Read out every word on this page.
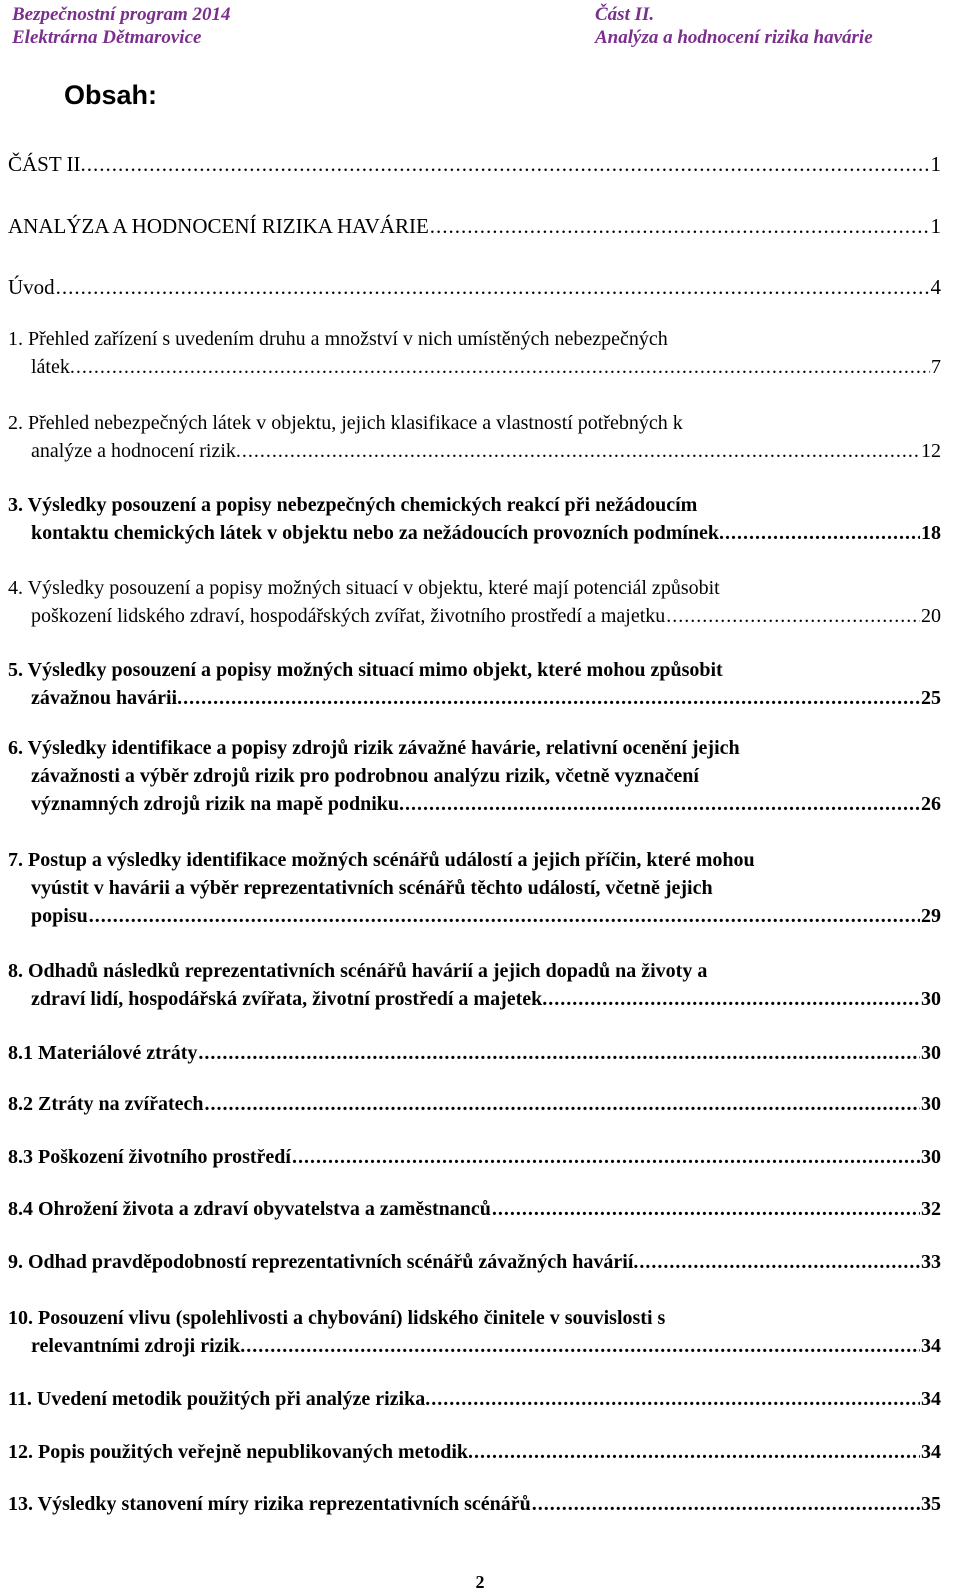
Bezpečnostní program 2014
Elektrárna Dětmarovice
Část II.
Analýza a hodnocení rizika havárie
Obsah:
ČÁST II. .....	1
ANALÝZA A HODNOCENÍ RIZIKA HAVÁRIE .....	1
Úvod .....	4
1. Přehled zařízení s uvedením druhu a množství v nich umístěných nebezpečných
látek. .....	7
2. Přehled nebezpečných látek v objektu, jejich klasifikace a vlastností potřebných k
analýze a hodnocení rizik. .....	12
3. Výsledky posouzení a popisy nebezpečných chemických reakcí při nežádoucím
kontaktu chemických látek v objektu nebo za nežádoucích provozních podmínek. .....	18
4. Výsledky posouzení a popisy možných situací v objektu, které mají potenciál způsobit
poškození lidského zdraví, hospodářských zvířat, životního prostředí a majetku .....	20
5. Výsledky posouzení a popisy možných situací mimo objekt, které mohou způsobit
závažnou havárii. .....	25
6. Výsledky identifikace a popisy zdrojů rizik závažné havárie, relativní ocenění jejich
závažnosti a výběr zdrojů rizik pro podrobnou analýzu rizik, včetně vyznačení
významných zdrojů rizik na mapě podniku. .....	26
7. Postup a výsledky identifikace možných scénářů událostí a jejich příčin, které mohou
vyústit v havárii a výběr reprezentativních scénářů těchto událostí, včetně jejich
popisu .....	29
8. Odhadů následků reprezentativních scénářů havárií a jejich dopadů na životy a
zdraví lidí, hospodářská zvířata, životní prostředí a majetek. .....	30
8.1 Materiálové ztráty .....	30
8.2 Ztráty na zvířatech .....	30
8.3 Poškození životního prostředí .....	30
8.4 Ohrožení života a zdraví obyvatelstva a zaměstnanců .....	32
9. Odhad pravděpodobností reprezentativních scénářů závažných havárií. .....	33
10. Posouzení vlivu (spolehlivosti a chybování) lidského činitele v souvislosti s
relevantními zdroji rizik. .....	34
11. Uvedení metodik použitých při analýze rizika. .....	34
12. Popis použitých veřejně nepublikovaných metodik. .....	34
13. Výsledky stanovení míry rizika reprezentativních scénářů .....	35
2
